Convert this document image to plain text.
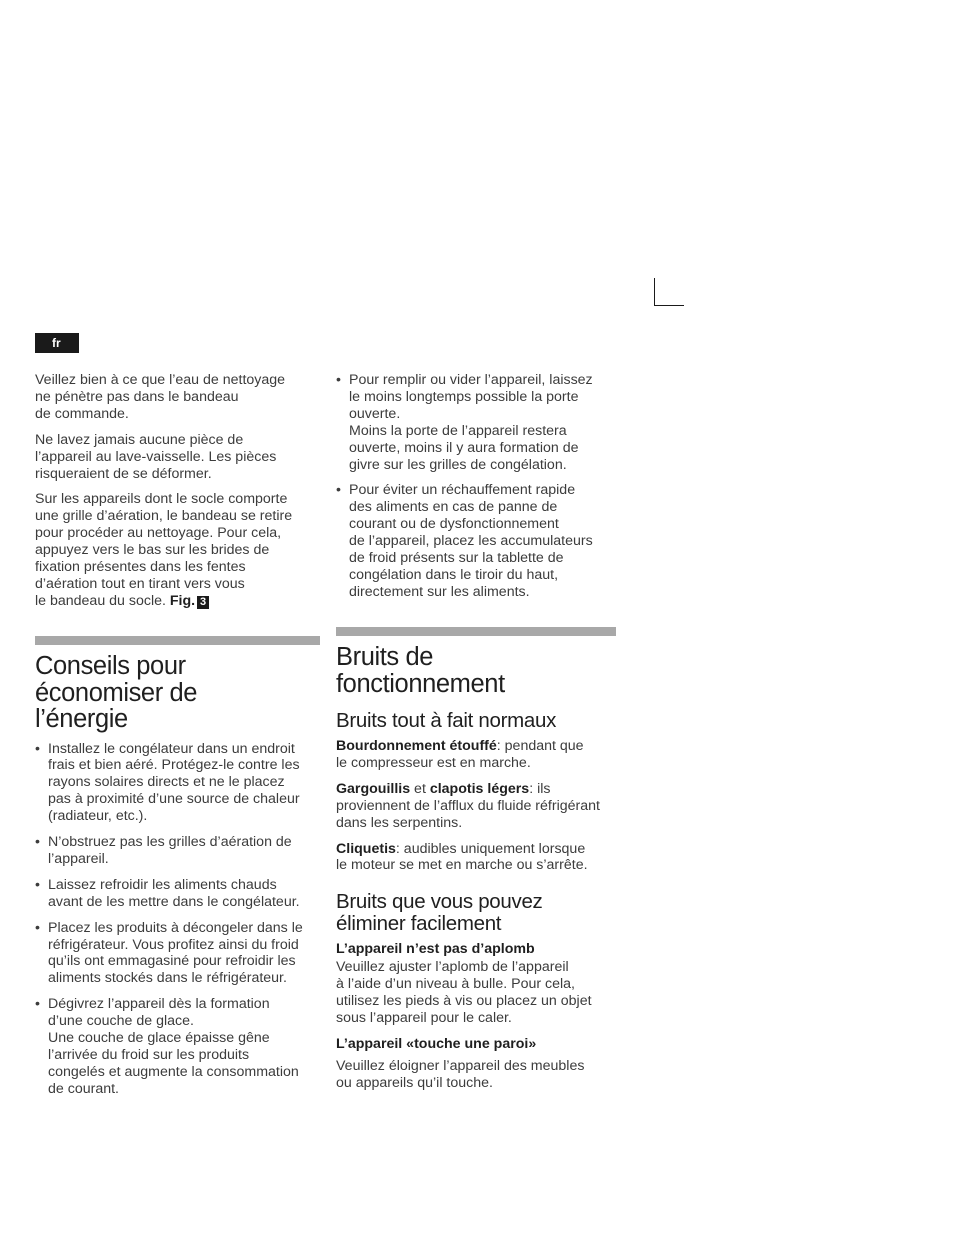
fr

Veillez bien à ce que l’eau de nettoyage
ne pénètre pas dans le bandeau
de commande.

Ne lavez jamais aucune pièce de
l’appareil au lave-vaisselle. Les pièces
risqueraient de se déformer.

Sur les appareils dont le socle comporte
une grille d’aération, le bandeau se retire
pour procéder au nettoyage. Pour cela,
appuyez vers le bas sur les brides de
fixation présentes dans les fentes
d’aération tout en tirant vers vous
le bandeau du socle. Fig. 3

Conseils pour
économiser de
l’énergie
• Installez le congélateur dans un endroit
frais et bien aéré. Protégez-le contre les
rayons solaires directs et ne le placez
pas à proximité d’une source de chaleur
(radiateur, etc.).
• N’obstruez pas les grilles d’aération de
l’appareil.
• Laissez refroidir les aliments chauds
avant de les mettre dans le congélateur.
• Placez les produits à décongeler dans le
réfrigérateur. Vous profitez ainsi du froid
qu’ils ont emmagasiné pour refroidir les
aliments stockés dans le réfrigérateur.
• Dégivrez l’appareil dès la formation
d’une couche de glace.
Une couche de glace épaisse gêne
l’arrivée du froid sur les produits
congelés et augmente la consommation
de courant.
• Pour remplir ou vider l’appareil, laissez
le moins longtemps possible la porte
ouverte.
Moins la porte de l’appareil restera
ouverte, moins il y aura formation de
givre sur les grilles de congélation.
• Pour éviter un réchauffement rapide
des aliments en cas de panne de
courant ou de dysfonctionnement
de l’appareil, placez les accumulateurs
de froid présents sur la tablette de
congélation dans le tiroir du haut,
directement sur les aliments.
Bruits de
fonctionnement
Bruits tout à fait normaux

Bourdonnement étouffé: pendant que
le compresseur est en marche.

Gargouillis et clapotis légers: ils
proviennent de l’afflux du fluide réfrigérant
dans les serpentins.

Cliquetis: audibles uniquement lorsque
le moteur se met en marche ou s’arrête.

Bruits que vous pouvez
éliminer facilement
L’appareil n’est pas d’aplomb

Veuillez ajuster l’aplomb de l’appareil
à l’aide d’un niveau à bulle. Pour cela,
utilisez les pieds à vis ou placez un objet
sous l’appareil pour le caler.

L’appareil «touche une paroi»

Veuillez éloigner l’appareil des meubles
ou appareils qu’il touche.
